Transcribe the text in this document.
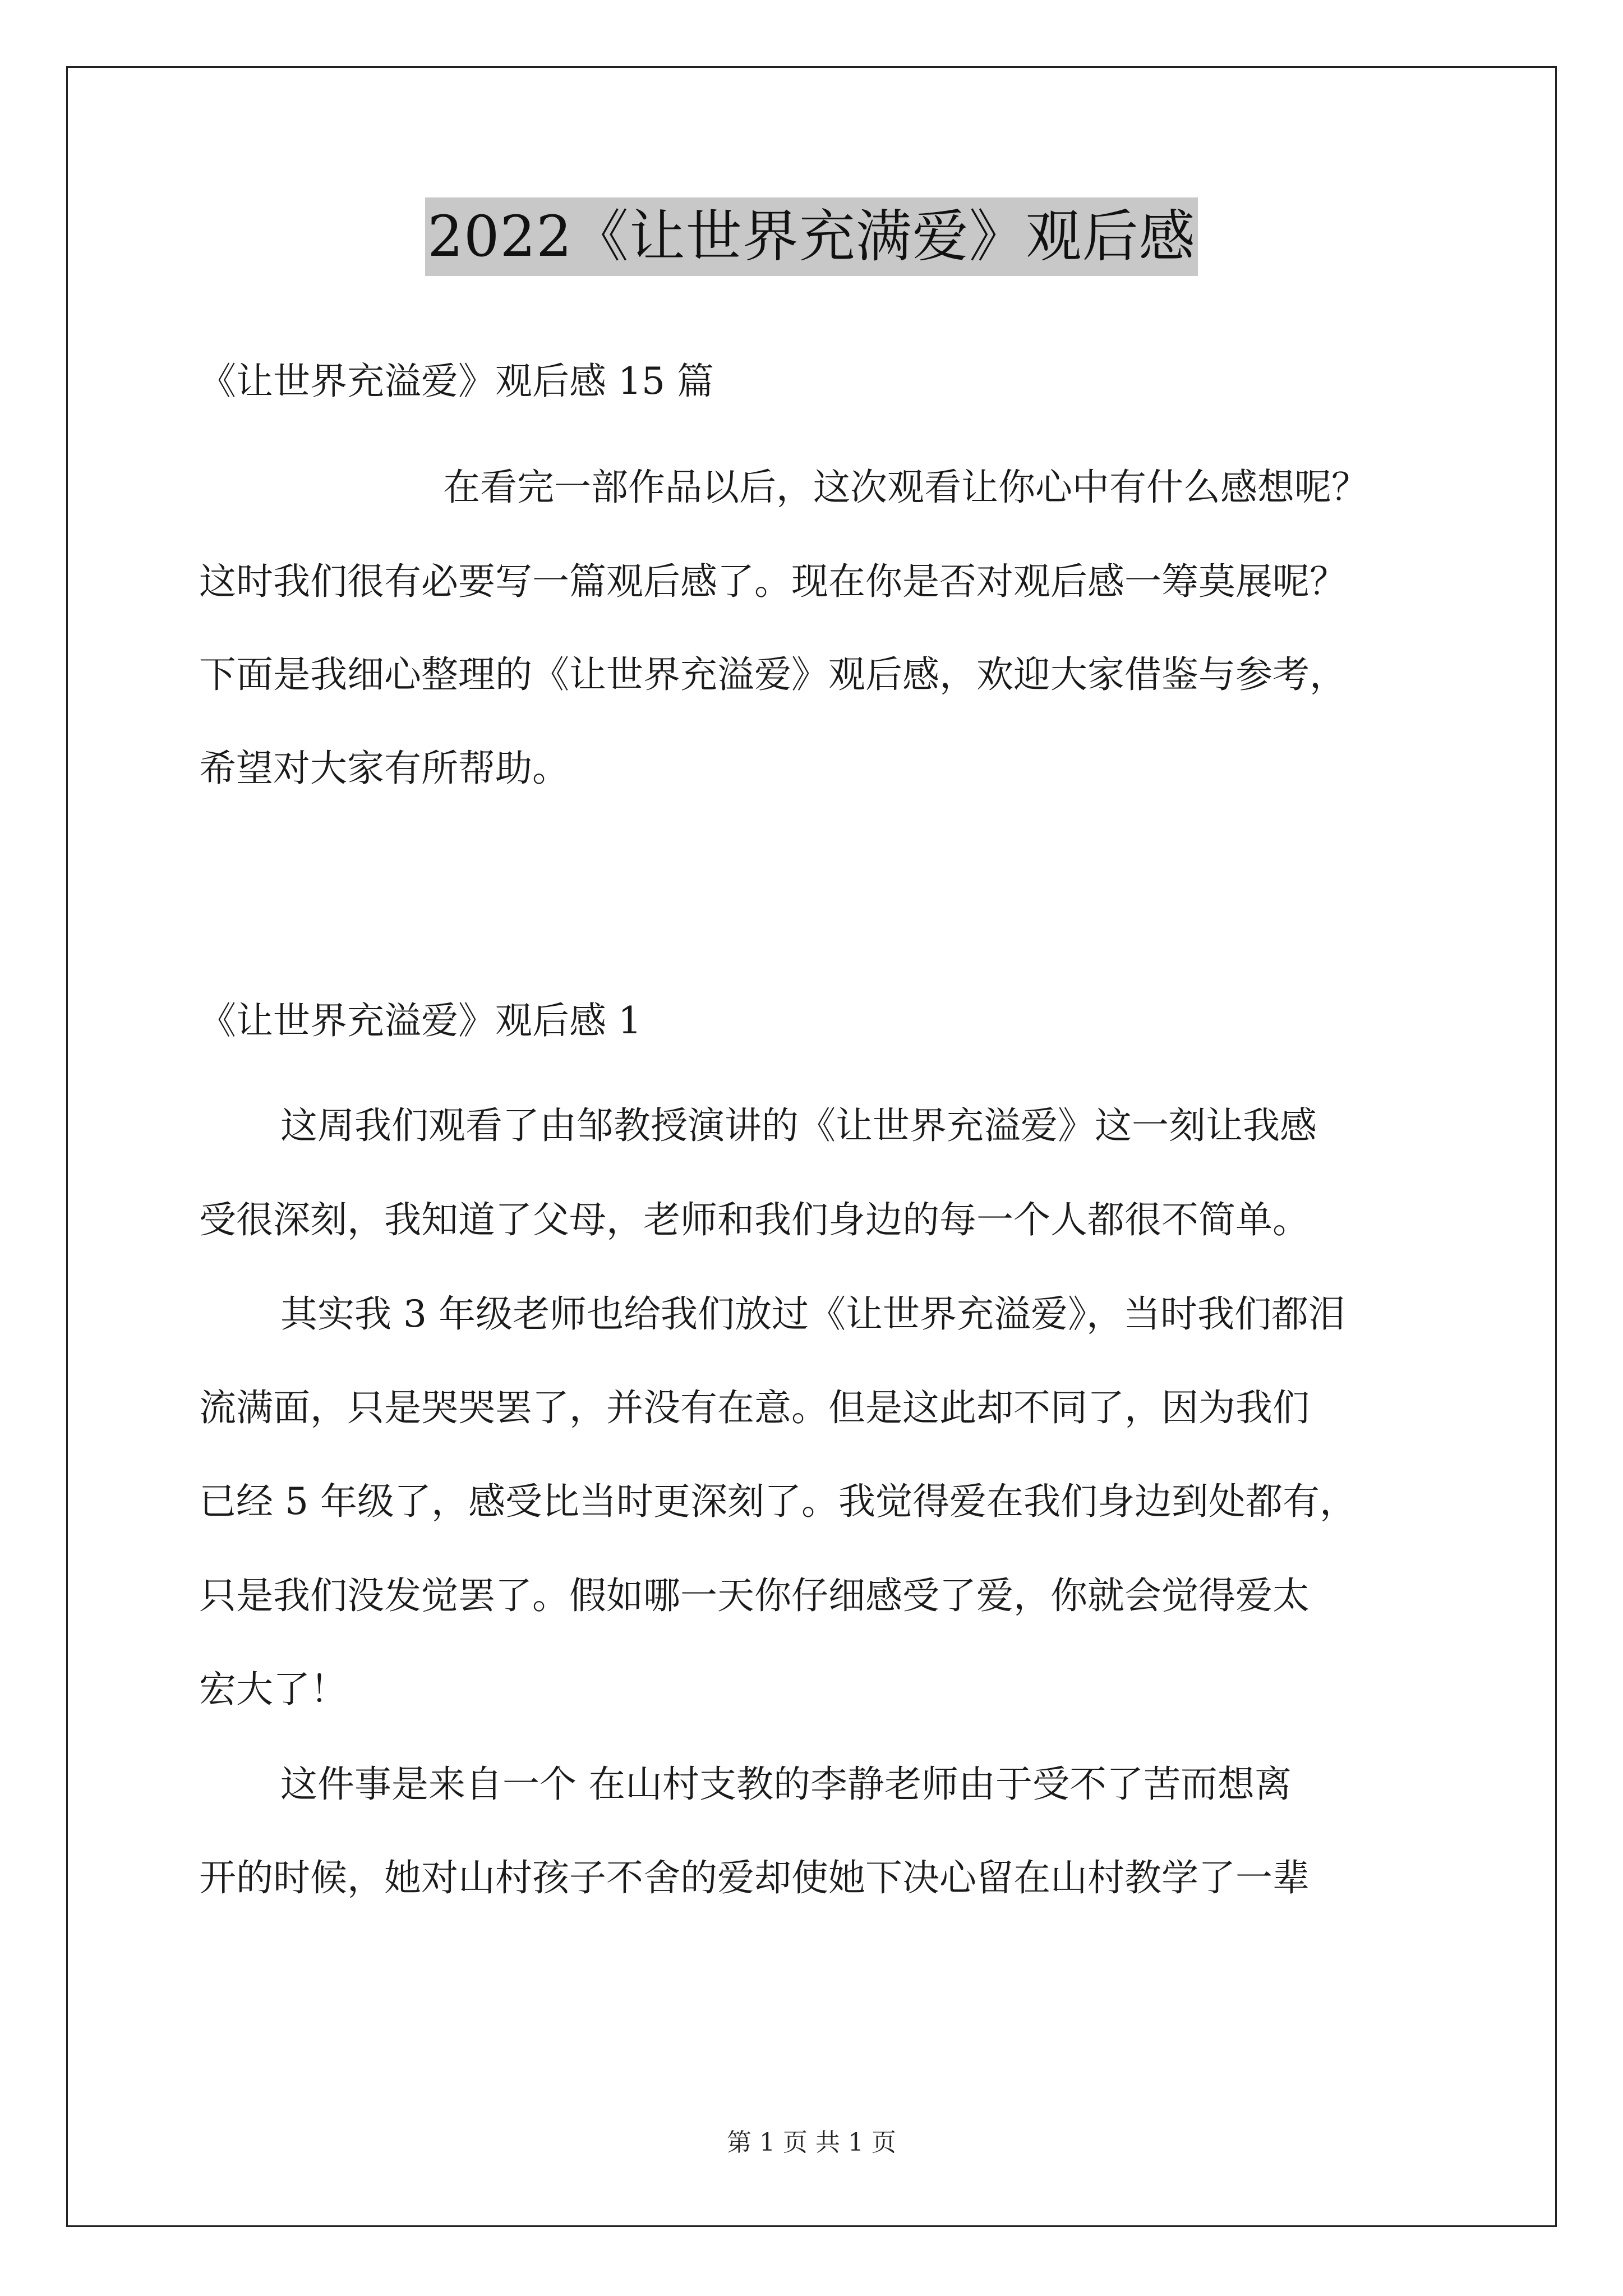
2022《让世界充满爱》观后感
《让世界充溢爱》观后感 15 篇
在看完一部作品以后，这次观看让你心中有什么感想呢？
这时我们很有必要写一篇观后感了。现在你是否对观后感一筹莫展呢？
下面是我细心整理的《让世界充溢爱》观后感，欢迎大家借鉴与参考，
希望对大家有所帮助。
《让世界充溢爱》观后感 1
这周我们观看了由邹教授演讲的《让世界充溢爱》这一刻让我感
受很深刻，我知道了父母，老师和我们身边的每一个人都很不简单。
其实我 3 年级老师也给我们放过《让世界充溢爱》，当时我们都泪
流满面，只是哭哭罢了，并没有在意。但是这此却不同了，因为我们
已经 5 年级了，感受比当时更深刻了。我觉得爱在我们身边到处都有，
只是我们没发觉罢了。假如哪一天你仔细感受了爱，你就会觉得爱太
宏大了！
这件事是来自一个 在山村支教的李静老师由于受不了苦而想离
开的时候，她对山村孩子不舍的爱却使她下决心留在山村教学了一辈
第 1 页 共 1 页
